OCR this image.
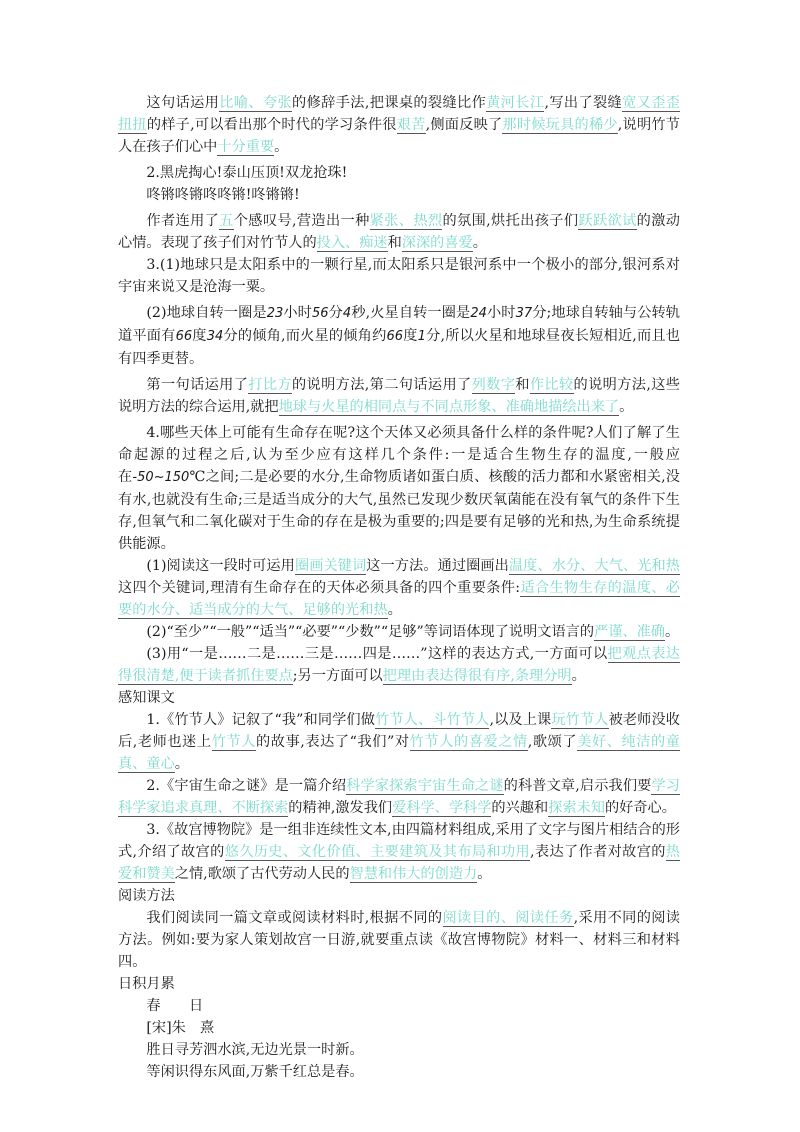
这句话运用比喻、夸张的修辞手法,把课桌的裂缝比作黄河长江,写出了裂缝宽又歪歪扭扭的样子,可以看出那个时代的学习条件很艰苦,侧面反映了那时候玩具的稀少,说明竹节人在孩子们心中十分重要。

2.黑虎掏心!泰山压顶!双龙抢珠!

咚锵咚锵咚咚锵!咚锵锵!

作者连用了五个感叹号,营造出一种紧张、热烈的氛围,烘托出孩子们跃跃欲试的激动心情。表现了孩子们对竹节人的投入、痴迷和深深的喜爱。

3.(1)地球只是太阳系中的一颗行星,而太阳系只是银河系中一个极小的部分,银河系对宇宙来说又是沧海一粟。

(2)地球自转一圈是23小时56分4秒,火星自转一圈是24小时37分;地球自转轴与公转轨道平面有66度34分的倾角,而火星的倾角约66度1分,所以火星和地球昼夜长短相近,而且也有四季更替。

第一句话运用了打比方的说明方法,第二句话运用了列数字和作比较的说明方法,这些说明方法的综合运用,就把地球与火星的相同点与不同点形象、准确地描绘出来了。

4.哪些天体上可能有生命存在呢?这个天体又必须具备什么样的条件呢?人们了解了生命起源的过程之后,认为至少应有这样几个条件:一是适合生物生存的温度,一般应在-50~150℃之间;二是必要的水分,生命物质诸如蛋白质、核酸的活力都和水紧密相关,没有水,也就没有生命;三是适当成分的大气,虽然已发现少数厌氧菌能在没有氧气的条件下生存,但氧气和二氧化碳对于生命的存在是极为重要的;四是要有足够的光和热,为生命系统提供能源。

(1)阅读这一段时可运用圈画关键词这一方法。通过圈画出温度、水分、大气、光和热这四个关键词,理清有生命存在的天体必须具备的四个重要条件:适合生物生存的温度、必要的水分、适当成分的大气、足够的光和热。

(2)“至少”“一般”“适当”“必要”“少数”“足够”等词语体现了说明文语言的严谨、准确。

(3)用“一是……二是……三是……四是……”这样的表达方式,一方面可以把观点表达得很清楚,便于读者抓住要点;另一方面可以把理由表达得很有序,条理分明。

感知课文

1.《竹节人》记叙了“我”和同学们做竹节人、斗竹节人,以及上课玩竹节人被老师没收后,老师也迷上竹节人的故事,表达了“我们”对竹节人的喜爱之情,歌颂了美好、纯洁的童真、童心。

2.《宇宙生命之谜》是一篇介绍科学家探索宇宙生命之谜的科普文章,启示我们要学习科学家追求真理、不断探索的精神,激发我们爱科学、学科学的兴趣和探索未知的好奇心。

3.《故宫博物院》是一组非连续性文本,由四篇材料组成,采用了文字与图片相结合的形式,介绍了故宫的悠久历史、文化价值、主要建筑及其布局和功用,表达了作者对故宫的热爱和赞美之情,歌颂了古代劳动人民的智慧和伟大的创造力。

阅读方法

我们阅读同一篇文章或阅读材料时,根据不同的阅读目的、阅读任务,采用不同的阅读方法。例如:要为家人策划故宫一日游,就要重点读《故宫博物院》材料一、材料三和材料四。

日积月累

春　　日

[宋]朱　熹

胜日寻芳泗水滨,无边光景一时新。

等闲识得东风面,万紫千红总是春。
